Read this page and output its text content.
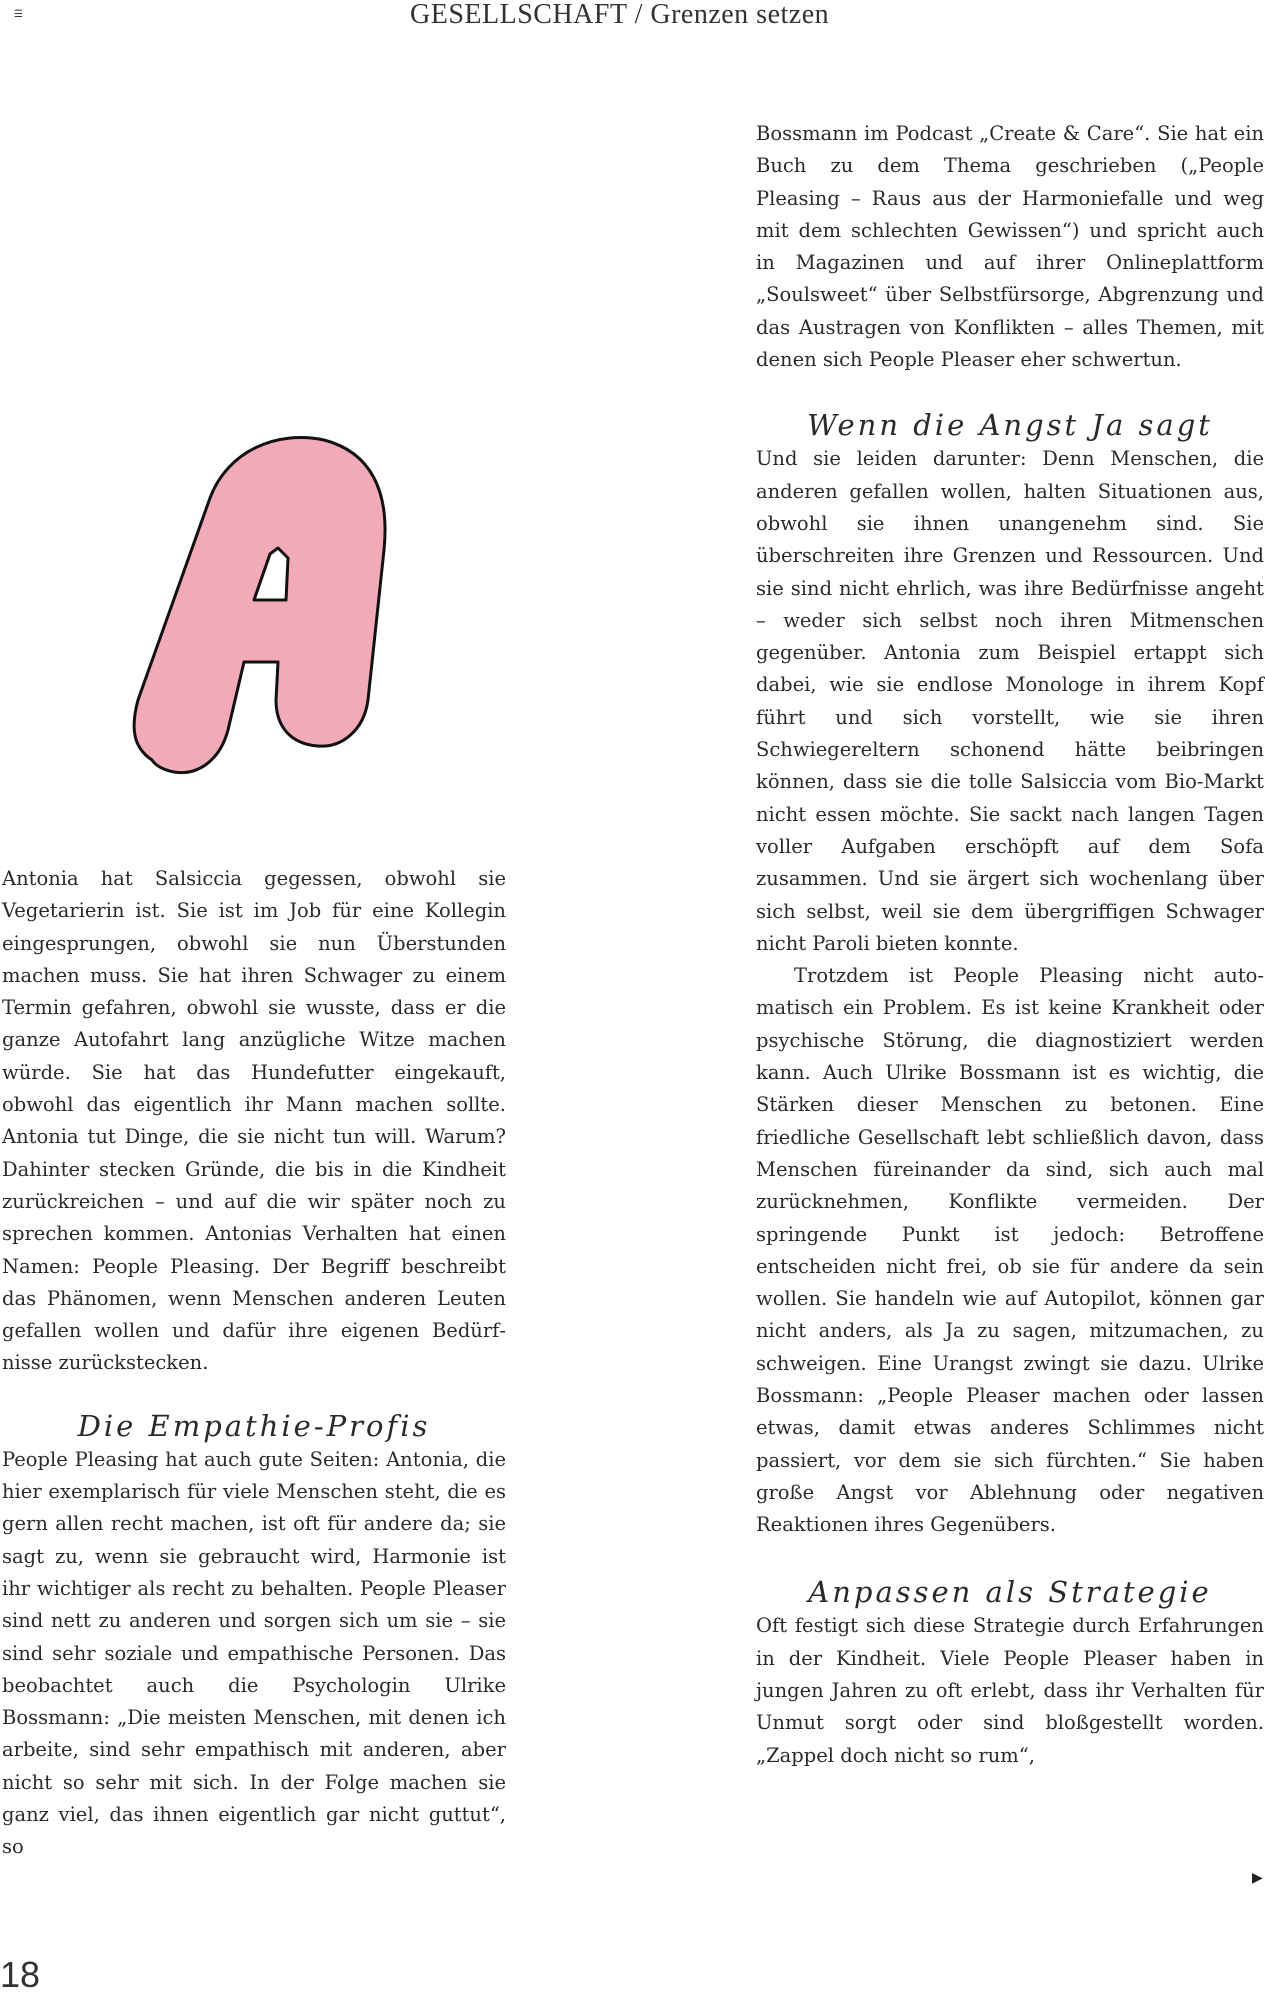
☰	GESELLSCHAFT / Grenzen setzen

Antonia hat Salsiccia gegessen, obwohl sie Vegetarierin ist. Sie ist im Job für eine Kollegin eingesprungen, obwohl sie nun Überstunden machen muss. Sie hat ihren Schwager zu einem Termin gefahren, obwohl sie wusste, dass er die ganze Autofahrt lang anzügliche Witze machen würde. Sie hat das Hundefutter eingekauft, obwohl das eigentlich ihr Mann machen sollte. Antonia tut Dinge, die sie nicht tun will. Warum? Dahinter stecken Gründe, die bis in die Kindheit zurückreichen – und auf die wir später noch zu sprechen kommen. Antonias Verhalten hat einen Namen: People Pleasing. Der Begriff beschreibt das Phänomen, wenn Menschen anderen Leuten gefallen wollen und dafür ihre eigenen Bedürfnisse zurückstecken.

Die Empathie-Profis

People Pleasing hat auch gute Seiten: Antonia, die hier exemplarisch für viele Menschen steht, die es gern allen recht machen, ist oft für andere da; sie sagt zu, wenn sie gebraucht wird, Harmonie ist ihr wichtiger als recht zu behalten. People Pleaser sind nett zu anderen und sorgen sich um sie – sie sind sehr soziale und empathische Personen. Das beobachtet auch die Psychologin Ulrike Bossmann: „Die meisten Menschen, mit denen ich arbeite, sind sehr empathisch mit anderen, aber nicht so sehr mit sich. In der Folge machen sie ganz viel, das ihnen eigentlich gar nicht guttut“, so

Bossmann im Podcast „Create & Care“. Sie hat ein Buch zu dem Thema geschrieben („People Pleasing – Raus aus der Harmoniefalle und weg mit dem schlechten Gewissen“) und spricht auch in Magazinen und auf ihrer Onlineplattform „Soulsweet“ über Selbstfürsorge, Abgrenzung und das Austragen von Konflikten – alles Themen, mit denen sich People Pleaser eher schwertun.

Wenn die Angst Ja sagt

Und sie leiden darunter: Denn Menschen, die anderen gefallen wollen, halten Situationen aus, obwohl sie ihnen unangenehm sind. Sie überschreiten ihre Grenzen und Ressourcen. Und sie sind nicht ehrlich, was ihre Bedürfnisse angeht – weder sich selbst noch ihren Mitmenschen gegenüber. Antonia zum Beispiel ertappt sich dabei, wie sie endlose Monologe in ihrem Kopf führt und sich vorstellt, wie sie ihren Schwiegereltern schonend hätte beibringen können, dass sie die tolle Salsiccia vom Bio-Markt nicht essen möchte. Sie sackt nach langen Tagen voller Aufgaben erschöpft auf dem Sofa zusammen. Und sie ärgert sich wochenlang über sich selbst, weil sie dem übergriffigen Schwager nicht Paroli bieten konnte.

Trotzdem ist People Pleasing nicht automatisch ein Problem. Es ist keine Krankheit oder psychische Störung, die diagnostiziert werden kann. Auch Ulrike Bossmann ist es wichtig, die Stärken dieser Menschen zu betonen. Eine friedliche Gesellschaft lebt schließlich davon, dass Menschen füreinander da sind, sich auch mal zurücknehmen, Konflikte vermeiden. Der springende Punkt ist jedoch: Betroffene entscheiden nicht frei, ob sie für andere da sein wollen. Sie handeln wie auf Autopilot, können gar nicht anders, als Ja zu sagen, mitzumachen, zu schweigen. Eine Urangst zwingt sie dazu. Ulrike Bossmann: „People Pleaser machen oder lassen etwas, damit etwas anderes Schlimmes nicht passiert, vor dem sie sich fürchten.“ Sie haben große Angst vor Ablehnung oder negativen Reaktionen ihres Gegenübers.

Anpassen als Strategie

Oft festigt sich diese Strategie durch Erfahrungen in der Kindheit. Viele People Pleaser haben in jungen Jahren zu oft erlebt, dass ihr Verhalten für Unmut sorgt oder sind bloßgestellt worden. „Zappel doch nicht so rum“,

▶
18
